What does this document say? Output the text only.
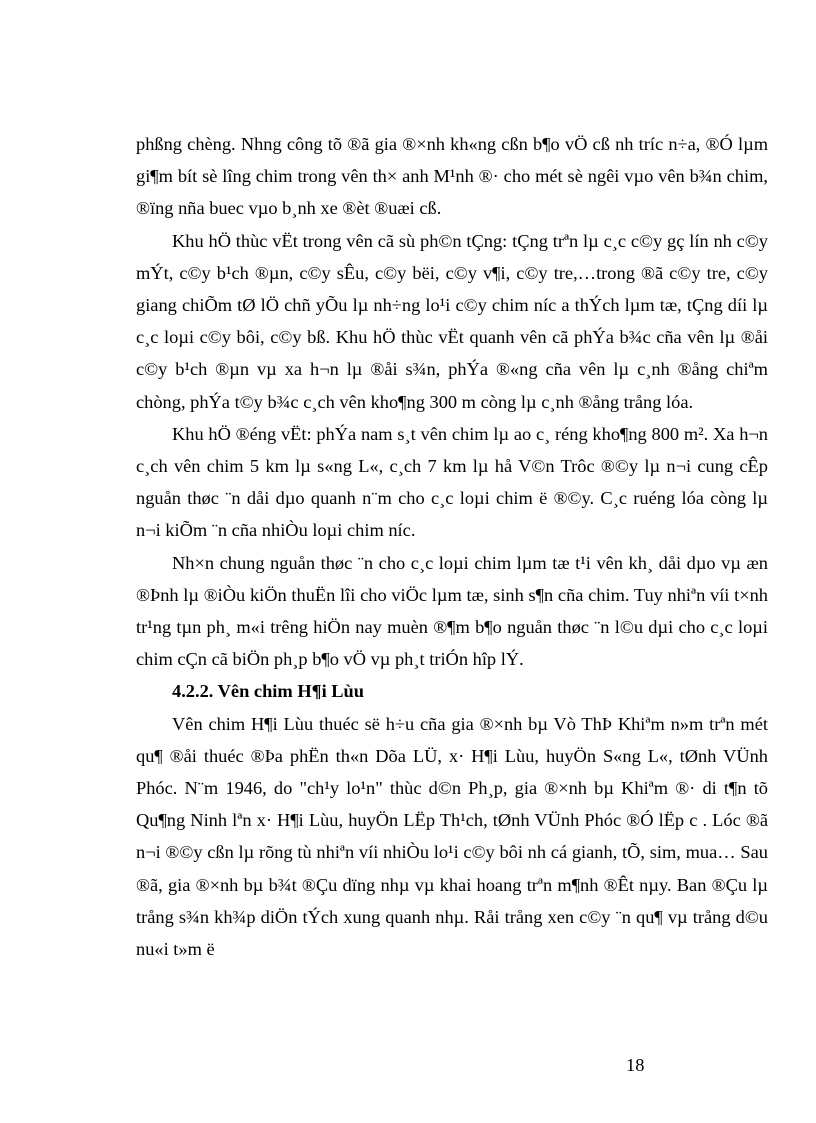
phßng chèng. Nhng công tõ ®ã gia ®×nh kh«ng cßn b¶o vÖ cß nh tríc n÷a, ®Ó lµm gi¶m bít sè lîng chim trong vên th× anh M¹nh ®· cho mét sè ngêi vµo vên b¾n chim, ®ïng nña buec vµo b¸nh xe ®èt ®uæi cß.

Khu hÖ thùc vËt trong vên cã sù ph©n tÇng: tÇng trªn lµ c¸c c©y gç lín nh c©y mÝt, c©y b¹ch ®µn, c©y sÊu, c©y bëi, c©y v¶i, c©y tre,…trong ®ã c©y tre, c©y giang chiÕm tØ lÖ chñ yÕu lµ nh÷ng lo¹i c©y chim níc a thÝch lµm tæ, tÇng díi lµ c¸c loµi c©y bôi, c©y bß. Khu hÖ thùc vËt quanh vên cã phÝa b¾c cña vên lµ ®åi c©y b¹ch ®µn vµ xa h¬n lµ ®åi s¾n, phÝa ®«ng cña vên lµ c¸nh ®ång chiªm chòng, phÝa t©y b¾c c¸ch vên kho¶ng 300 m còng lµ c¸nh ®ång trång lóa.

Khu hÖ ®éng vËt: phÝa nam s¸t vên chim lµ ao c¸ réng kho¶ng 800 m². Xa h¬n c¸ch vên chim 5 km lµ s«ng L«, c¸ch 7 km lµ hå V©n Trôc ®©y lµ n¬i cung cÊp nguån thøc ¨n dåi dµo quanh n¨m cho c¸c loµi chim ë ®©y. C¸c ruéng lóa còng lµ n¬i kiÕm ¨n cña nhiÒu loµi chim níc.

Nh×n chung nguån thøc ¨n cho c¸c loµi chim lµm tæ t¹i vên kh¸ dåi dµo vµ æn ®Þnh lµ ®iÒu kiÖn thuËn lîi cho viÖc lµm tæ, sinh s¶n cña chim. Tuy nhiªn víi t×nh tr¹ng tµn ph¸ m«i trêng hiÖn nay muèn ®¶m b¶o nguån thøc ¨n l©u dµi cho c¸c loµi chim cÇn cã biÖn ph¸p b¶o vÖ vµ ph¸t triÓn hîp lÝ.

4.2.2. Vên chim H¶i Lùu

Vên chim H¶i Lùu thuéc së h÷u cña gia ®×nh bµ Vò ThÞ Khiªm n»m trªn mét qu¶ ®åi thuéc ®Þa phËn th«n Dõa LÜ, x· H¶i Lùu, huyÖn S«ng L«, tØnh VÜnh Phóc. N¨m 1946, do "ch¹y lo¹n" thùc d©n Ph¸p, gia ®×nh bµ Khiªm ®· di t¶n tõ Qu¶ng Ninh lªn x· H¶i Lùu, huyÖn LËp Th¹ch, tØnh VÜnh Phóc ®Ó lËp c . Lóc ®ã n¬i ®©y cßn lµ rõng tù nhiªn víi nhiÒu lo¹i c©y bôi nh cá gianh, tÕ, sim, mua… Sau ®ã, gia ®×nh bµ b¾t ®Çu dïng nhµ vµ khai hoang trªn m¶nh ®Êt nµy. Ban ®Çu lµ trång s¾n kh¾p diÖn tÝch xung quanh nhµ. Råi trång xen c©y ¨n qu¶ vµ trång d©u nu«i t»m ë

18
